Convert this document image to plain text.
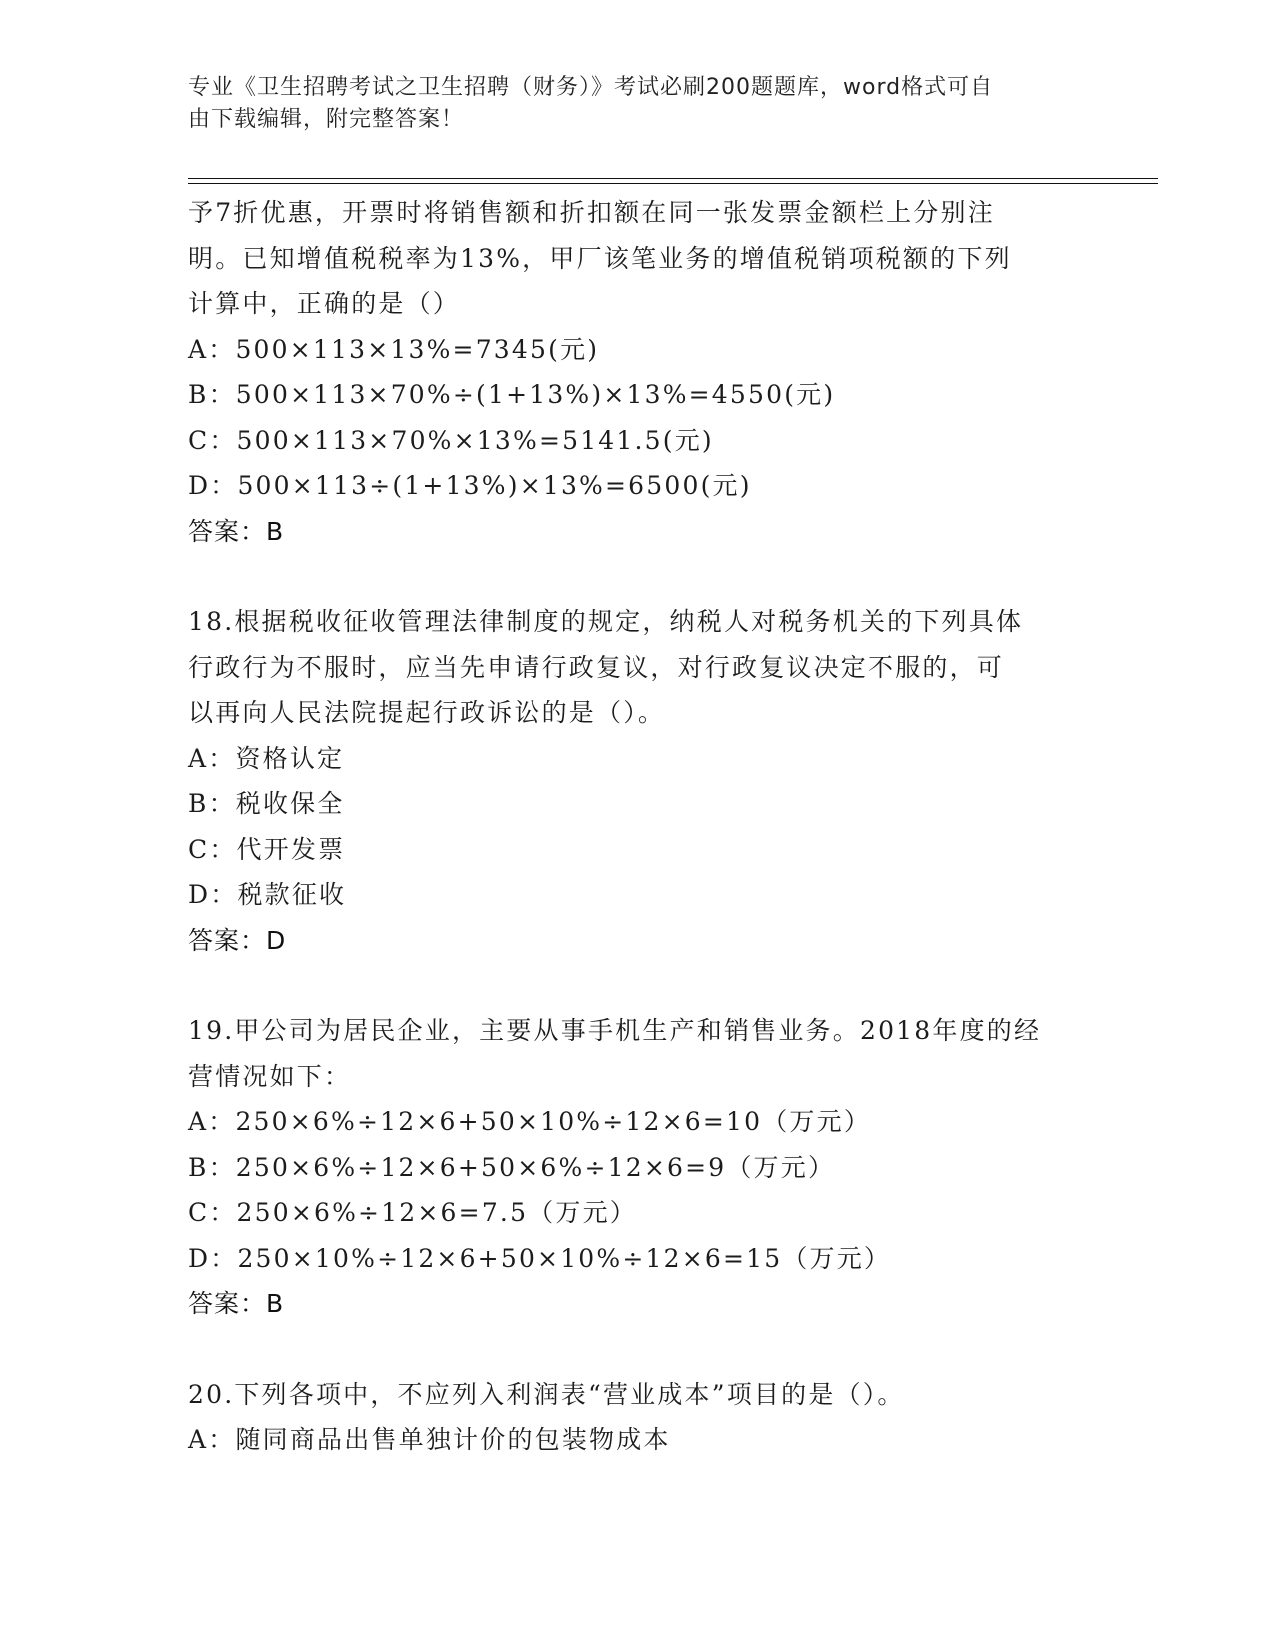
专业《卫生招聘考试之卫生招聘（财务）》考试必刷200题题库，word格式可自
由下载编辑，附完整答案！
予7折优惠，开票时将销售额和折扣额在同一张发票金额栏上分别注
明。已知增值税税率为13%，甲厂该笔业务的增值税销项税额的下列
计算中，正确的是（）
A：500×113×13%=7345(元)
B：500×113×70%÷(1+13%)×13%=4550(元)
C：500×113×70%×13%=5141.5(元)
D：500×113÷(1+13%)×13%=6500(元)
答案：B
18.根据税收征收管理法律制度的规定，纳税人对税务机关的下列具体
行政行为不服时，应当先申请行政复议，对行政复议决定不服的，可
以再向人民法院提起行政诉讼的是（）。
A：资格认定
B：税收保全
C：代开发票
D：税款征收
答案：D
19.甲公司为居民企业，主要从事手机生产和销售业务。2018年度的经
营情况如下：
A：250×6%÷12×6+50×10%÷12×6=10（万元）
B：250×6%÷12×6+50×6%÷12×6=9（万元）
C：250×6%÷12×6=7.5（万元）
D：250×10%÷12×6+50×10%÷12×6=15（万元）
答案：B
20.下列各项中，不应列入利润表“营业成本”项目的是（）。
A：随同商品出售单独计价的包装物成本
